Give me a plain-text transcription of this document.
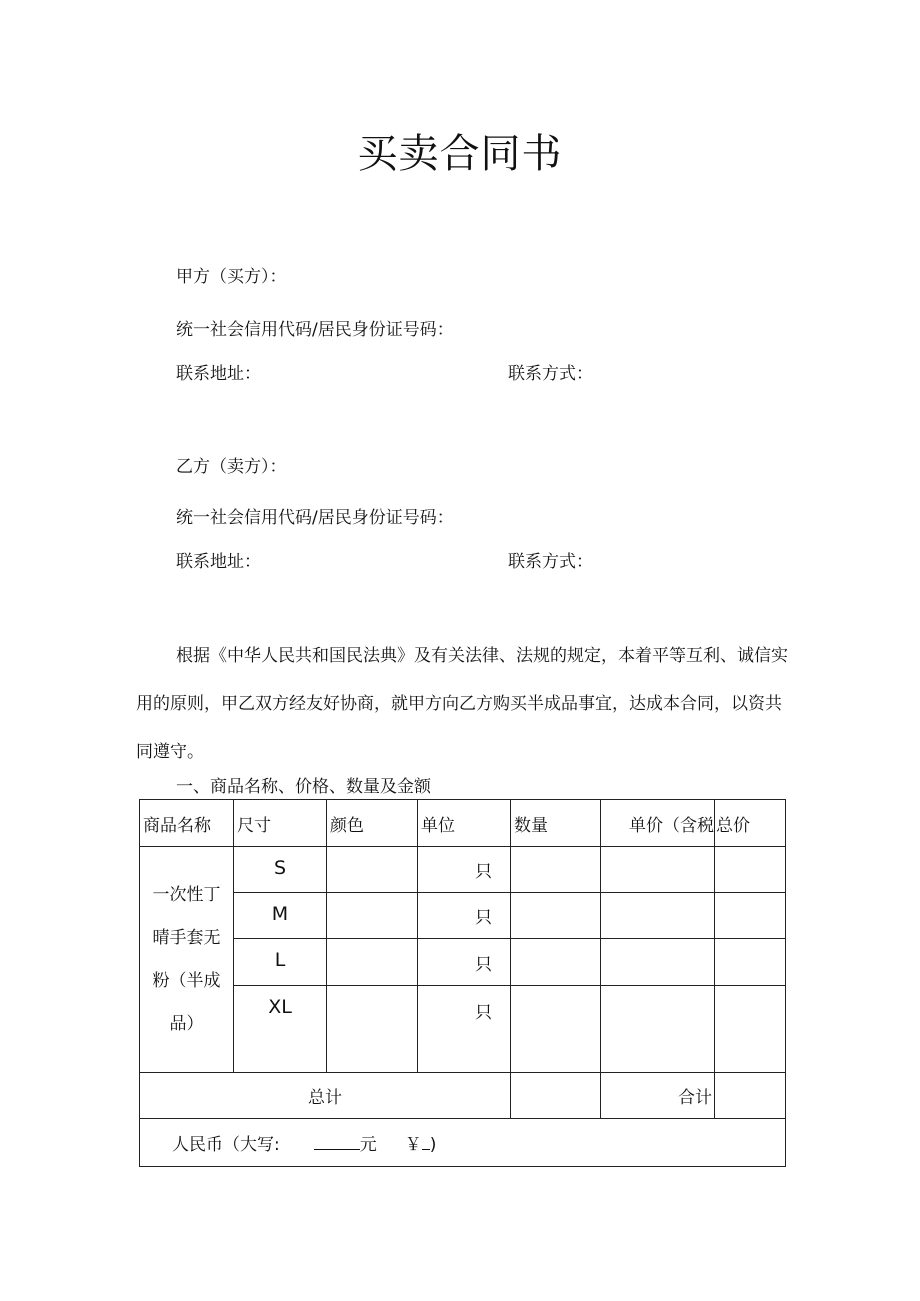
买卖合同书
甲方（买方）：
统一社会信用代码/居民身份证号码：
联系地址：	联系方式：
乙方（卖方）：
统一社会信用代码/居民身份证号码：
联系地址：	联系方式：
根据《中华人民共和国民法典》及有关法律、法规的规定，本着平等互利、诚信实用的原则，甲乙双方经友好协商，就甲方向乙方购买半成品事宜，达成本合同，以资共同遵守。
一、商品名称、价格、数量及金额
商品名称	尺寸	颜色	单位	数量	单价（含税	总价
一次性丁晴手套无粉（半成品）	S		只			
	M		只			
	L		只			
	XL		只			
总计					合计	
人民币（大写: 元 ￥ )						
